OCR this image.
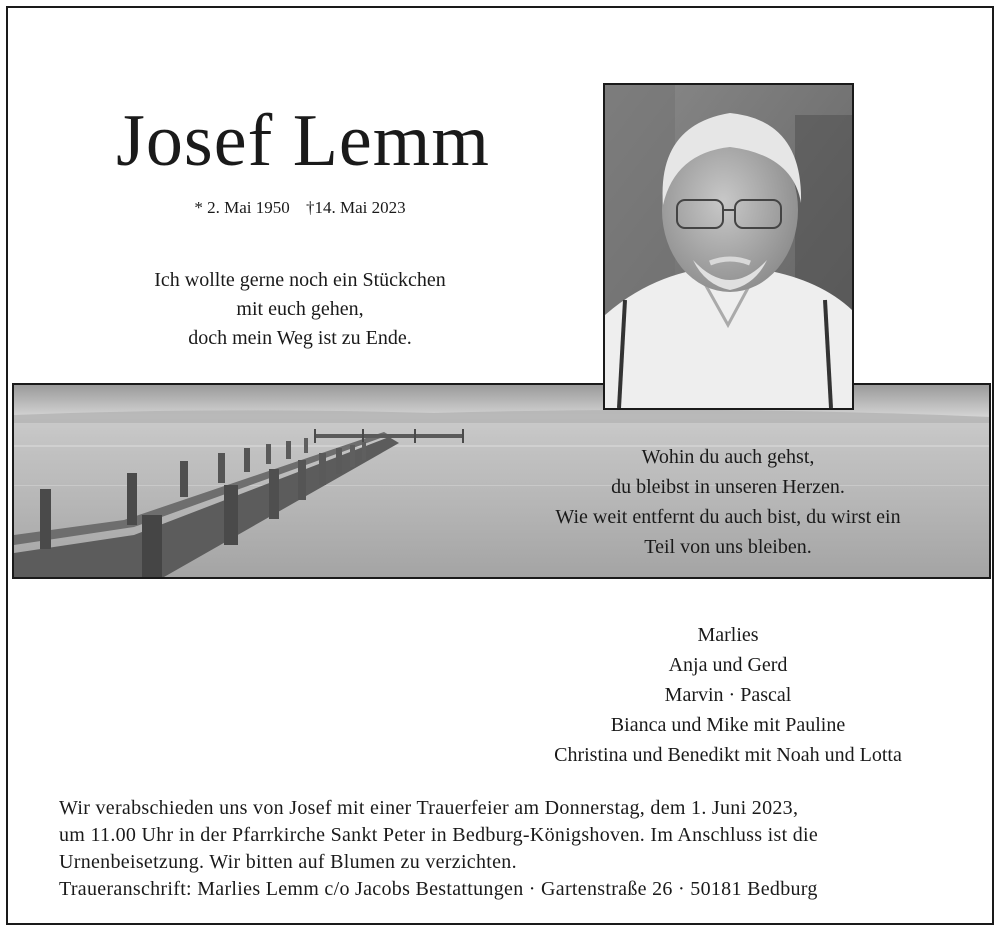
Josef Lemm
* 2. Mai 1950 †14. Mai 2023
Ich wollte gerne noch ein Stückchen
mit euch gehen,
doch mein Weg ist zu Ende.
Wohin du auch gehst,
du bleibst in unseren Herzen.
Wie weit entfernt du auch bist, du wirst ein
Teil von uns bleiben.
Marlies
Anja und Gerd
Marvin · Pascal
Bianca und Mike mit Pauline
Christina und Benedikt mit Noah und Lotta
Wir verabschieden uns von Josef mit einer Trauerfeier am Donnerstag, dem 1. Juni 2023,
um 11.00 Uhr in der Pfarrkirche Sankt Peter in Bedburg-Königshoven. Im Anschluss ist die
Urnenbeisetzung. Wir bitten auf Blumen zu verzichten.
Traueranschrift: Marlies Lemm c/o Jacobs Bestattungen · Gartenstraße 26 · 50181 Bedburg
